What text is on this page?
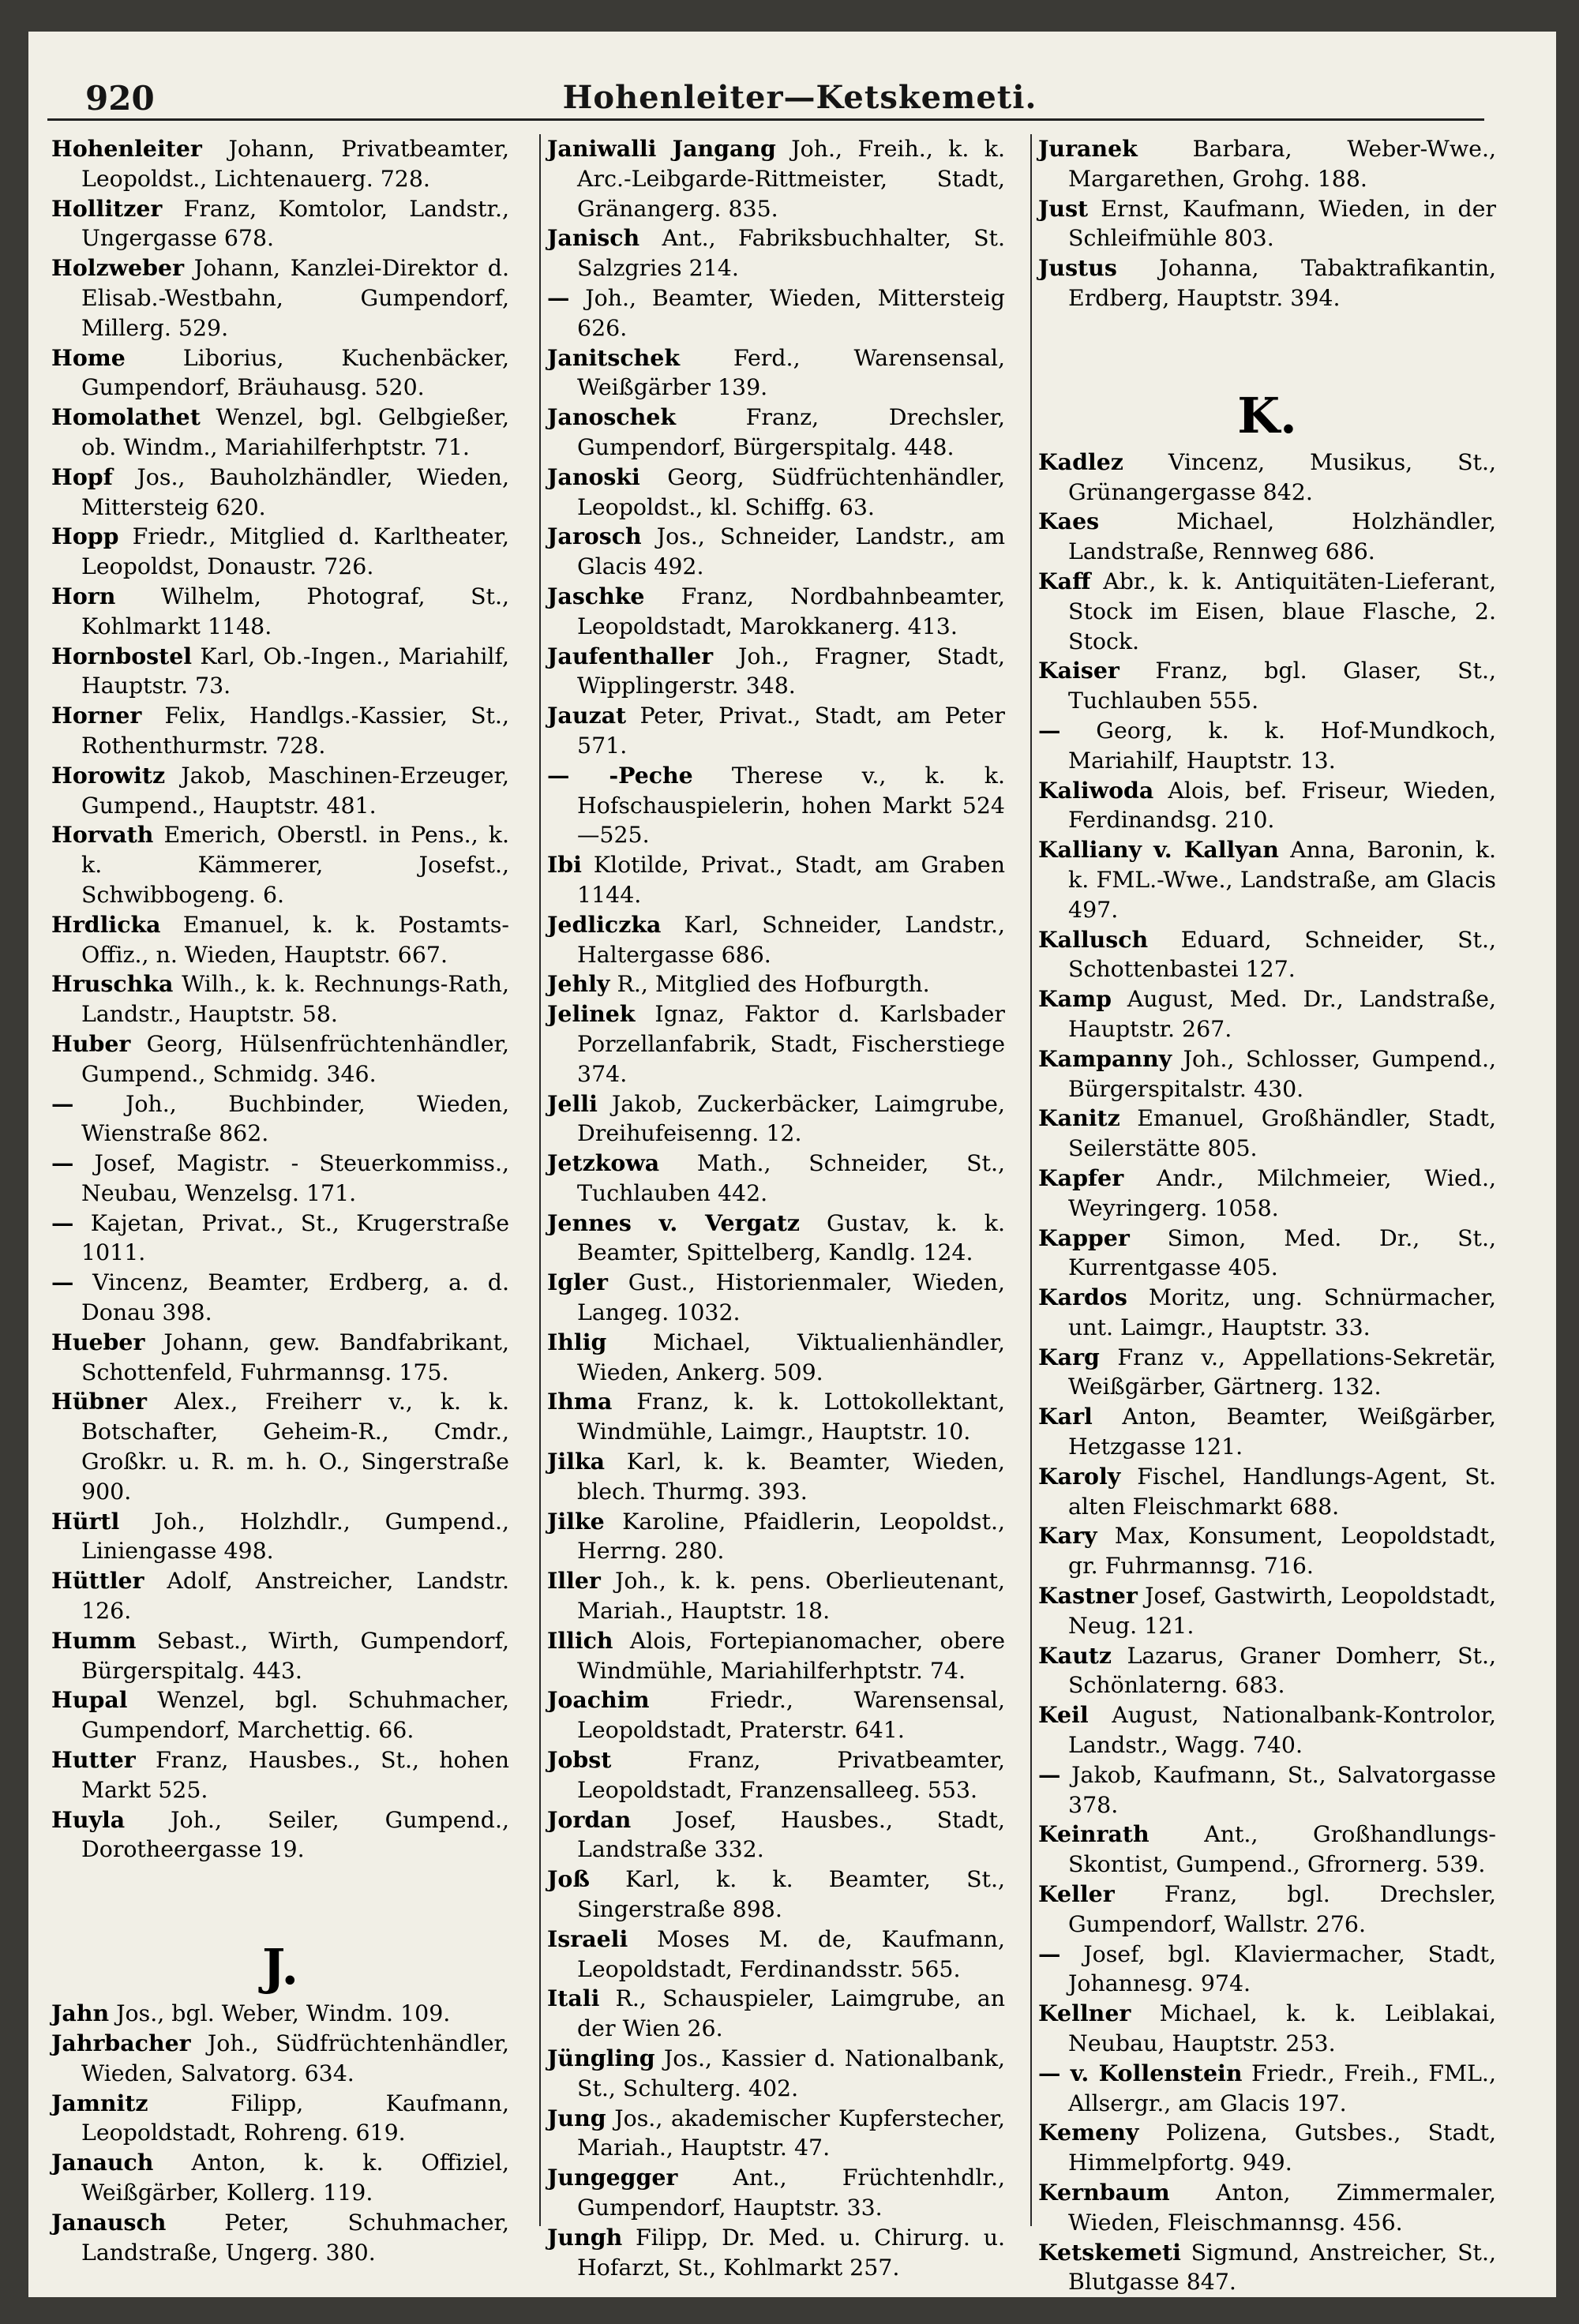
920	Hohenleiter—Ketskemeti.
Hohenleiter Johann, Privatbeamter, Leopoldst., Lichtenauerg. 728.
Hollitzer Franz, Komtolor, Landstr., Ungergasse 678.
Holzweber Johann, Kanzlei-Direktor d. Elisab.-Westbahn, Gumpendorf, Millerg. 529.
Home	Liborius, Kuchenbäcker, Gumpendorf, Bräuhausg. 520.
Homolathet Wenzel, bgl. Gelbgießer, ob. Windm., Mariahilferhptstr. 71.
Hopf Jos., Bauholzhändler, Wieden, Mittersteig 620.
Hopp Friedr., Mitglied d. Karltheater, Leopoldst, Donaustr. 726.
Horn Wilhelm, Photograf, St., Kohlmarkt 1148.
Hornbostel Karl, Ob.-Ingen., Mariahilf, Hauptstr. 73.
Horner Felix, Handlgs.-Kassier, St., Rothenthurmstr. 728.
Horowitz Jakob, Maschinen-Erzeuger, Gumpend., Hauptstr. 481.
Horvath Emerich, Oberstl. in Pens., k. k. Kämmerer, Josefst., Schwibbogeng. 6.
Hrdlicka Emanuel, k. k. Postamts-Offiz., n. Wieden, Hauptstr. 667.
Hruschka Wilh., k. k. Rechnungs-Rath, Landstr., Hauptstr. 58.
Huber Georg, Hülsenfrüchtenhändler, Gumpend., Schmidg. 346.
— Joh., Buchbinder, Wieden, Wienstraße 862.
— Josef, Magistr. - Steuerkommiss., Neubau, Wenzelsg. 171.
— Kajetan, Privat., St., Krugerstraße 1011.
— Vincenz, Beamter, Erdberg, a. d. Donau 398.
Hueber Johann, gew. Bandfabrikant, Schottenfeld, Fuhrmannsg. 175.
Hübner Alex., Freiherr v., k. k. Botschafter, Geheim-R., Cmdr., Großkr. u. R. m. h. O., Singerstraße 900.
Hürtl Joh., Holzhdlr., Gumpend., Liniengasse 498.
Hüttler Adolf, Anstreicher, Landstr. 126.
Humm Sebast., Wirth, Gumpendorf, Bürgerspitalg. 443.
Hupal Wenzel, bgl. Schuhmacher, Gumpendorf, Marchettig. 66.
Hutter Franz, Hausbes., St., hohen Markt 525.
Huyla Joh., Seiler, Gumpend., Dorotheergasse 19.
J.
Jahn Jos., bgl. Weber, Windm. 109.
Jahrbacher Joh., Südfrüchtenhändler, Wieden, Salvatorg. 634.
Jamnitz	Filipp, Kaufmann, Leopoldstadt, Rohreng. 619.
Janauch Anton, k. k. Offiziel, Weißgärber, Kollerg. 119.
Janausch	Peter, Schuhmacher, Landstraße, Ungerg. 380.
Janiwalli Jangang Joh., Freih., k. k. Arc.-Leibgarde-Rittmeister, Stadt, Gränangerg. 835.
Janisch Ant., Fabriksbuchhalter, St. Salzgries 214.
— Joh., Beamter, Wieden, Mittersteig 626.
Janitschek Ferd., Warensensal, Weißgärber 139.
Janoschek	Franz, Drechsler, Gumpendorf, Bürgerspitalg. 448.
Janoski Georg, Südfrüchtenhändler, Leopoldst., kl. Schiffg. 63.
Jarosch Jos., Schneider, Landstr., am Glacis 492.
Jaschke Franz, Nordbahnbeamter, Leopoldstadt, Marokkanerg. 413.
Jaufenthaller Joh., Fragner, Stadt, Wipplingerstr. 348.
Jauzat Peter, Privat., Stadt, am Peter 571.
— -Peche Therese v., k. k. Hofschauspielerin, hohen Markt 524—525.
Ibi Klotilde, Privat., Stadt, am Graben 1144.
Jedliczka Karl, Schneider, Landstr., Haltergasse 686.
Jehly R., Mitglied des Hofburgth.
Jelinek Ignaz, Faktor d. Karlsbader Porzellanfabrik, Stadt, Fischerstiege 374.
Jelli Jakob, Zuckerbäcker, Laimgrube, Dreihufeisenng. 12.
Jetzkowa Math., Schneider, St., Tuchlauben 442.
Jennes v. Vergatz Gustav, k. k. Beamter, Spittelberg, Kandlg. 124.
Igler Gust., Historienmaler, Wieden, Langeg. 1032.
Ihlig Michael, Viktualienhändler, Wieden, Ankerg. 509.
Ihma Franz, k. k. Lottokollektant, Windmühle, Laimgr., Hauptstr. 10.
Jilka Karl, k. k. Beamter, Wieden, blech. Thurmg. 393.
Jilke Karoline, Pfaidlerin, Leopoldst., Herrng. 280.
Iller Joh., k. k. pens. Oberlieutenant, Mariah., Hauptstr. 18.
Illich Alois, Fortepianomacher, obere Windmühle, Mariahilferhptstr. 74.
Joachim	Friedr., Warensensal, Leopoldstadt, Praterstr. 641.
Jobst	Franz, Privatbeamter, Leopoldstadt, Franzensalleeg. 553.
Jordan Josef, Hausbes., Stadt, Landstraße 332.
Joß Karl, k. k. Beamter, St., Singerstraße 898.
Israeli Moses M. de, Kaufmann, Leopoldstadt, Ferdinandsstr. 565.
Itali R., Schauspieler, Laimgrube, an der Wien 26.
Jüngling Jos., Kassier d. Nationalbank, St., Schulterg. 402.
Jung Jos., akademischer Kupferstecher, Mariah., Hauptstr. 47.
Jungegger Ant., Früchtenhdlr., Gumpendorf, Hauptstr. 33.
Jungh Filipp, Dr. Med. u. Chirurg. u. Hofarzt, St., Kohlmarkt 257.
Juranek Barbara, Weber-Wwe., Margarethen, Grohg. 188.
Just Ernst, Kaufmann, Wieden, in der Schleifmühle 803.
Justus Johanna, Tabaktrafikantin, Erdberg, Hauptstr. 394.
K.
Kadlez Vincenz, Musikus, St., Grünangergasse 842.
Kaes	Michael, Holzhändler, Landstraße, Rennweg 686.
Kaff Abr., k. k. Antiquitäten-Lieferant, Stock im Eisen, blaue Flasche, 2. Stock.
Kaiser Franz, bgl. Glaser, St., Tuchlauben 555.
— Georg, k. k. Hof-Mundkoch, Mariahilf, Hauptstr. 13.
Kaliwoda Alois, bef. Friseur, Wieden, Ferdinandsg. 210.
Kalliany v. Kallyan Anna, Baronin, k. k. FML.-Wwe., Landstraße, am Glacis 497.
Kallusch Eduard, Schneider, St., Schottenbastei 127.
Kamp August, Med. Dr., Landstraße, Hauptstr. 267.
Kampanny Joh., Schlosser, Gumpend., Bürgerspitalstr. 430.
Kanitz Emanuel, Großhändler, Stadt, Seilerstätte 805.
Kapfer Andr., Milchmeier, Wied., Weyringerg. 1058.
Kapper Simon, Med. Dr., St., Kurrentgasse 405.
Kardos Moritz, ung. Schnürmacher, unt. Laimgr., Hauptstr. 33.
Karg Franz v., Appellations-Sekretär, Weißgärber, Gärtnerg. 132.
Karl Anton, Beamter, Weißgärber, Hetzgasse 121.
Karoly Fischel, Handlungs-Agent, St. alten Fleischmarkt 688.
Kary Max, Konsument, Leopoldstadt, gr. Fuhrmannsg. 716.
Kastner Josef, Gastwirth, Leopoldstadt, Neug. 121.
Kautz Lazarus, Graner Domherr, St., Schönlaterng. 683.
Keil August, Nationalbank-Kontrolor, Landstr., Wagg. 740.
— Jakob, Kaufmann, St., Salvatorgasse 378.
Keinrath Ant., Großhandlungs-Skontist, Gumpend., Gfrornerg. 539.
Keller Franz, bgl. Drechsler, Gumpendorf, Wallstr. 276.
— Josef, bgl. Klaviermacher, Stadt, Johannesg. 974.
Kellner Michael, k. k. Leiblakai, Neubau, Hauptstr. 253.
— v. Kollenstein Friedr., Freih., FML., Allsergr., am Glacis 197.
Kemeny Polizena, Gutsbes., Stadt, Himmelpfortg. 949.
Kernbaum Anton, Zimmermaler, Wieden, Fleischmannsg. 456.
Ketskemeti Sigmund, Anstreicher, St., Blutgasse 847.
